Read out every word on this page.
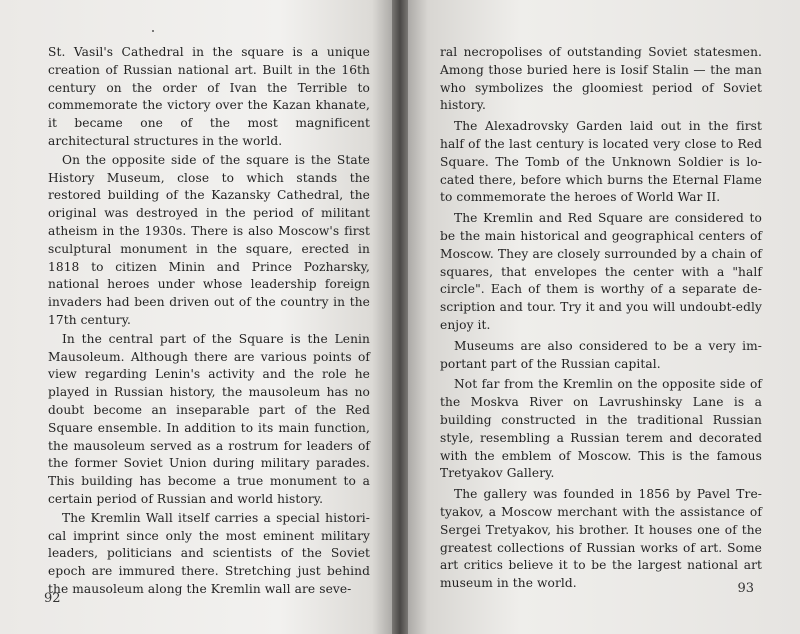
St. Vasil's Cathedral in the square is a unique creation of Russian national art. Built in the 16th century on the order of Ivan the Terrible to commemorate the victory over the Kazan khanate, it became one of the most magnificent architectural structures in the world.

On the opposite side of the square is the State History Museum, close to which stands the restored building of the Kazansky Cathedral, the original was destroyed in the period of militant atheism in the 1930s. There is also Moscow's first sculptural monument in the square, erected in 1818 to citizen Minin and Prince Pozharsky, national heroes under whose leadership foreign invaders had been driven out of the country in the 17th century.

In the central part of the Square is the Lenin Mausoleum. Although there are various points of view regarding Lenin's activity and the role he played in Russian history, the mausoleum has no doubt become an inseparable part of the Red Square ensemble. In addition to its main function, the mausoleum served as a rostrum for leaders of the former Soviet Union during military parades. This building has become a true monument to a certain period of Russian and world history.

The Kremlin Wall itself carries a special histori-cal imprint since only the most eminent military leaders, politicians and scientists of the Soviet epoch are immured there. Stretching just behind the mausoleum along the Kremlin wall are seve-

92

ral necropolises of outstanding Soviet statesmen. Among those buried here is Iosif Stalin — the man who symbolizes the gloomiest period of Soviet history.

The Alexadrovsky Garden laid out in the first half of the last century is located very close to Red Square. The Tomb of the Unknown Soldier is lo-cated there, before which burns the Eternal Flame to commemorate the heroes of World War II.

The Kremlin and Red Square are considered to be the main historical and geographical centers of Moscow. They are closely surrounded by a chain of squares, that envelopes the center with a "half circle". Each of them is worthy of a separate de-scription and tour. Try it and you will undoubt-edly enjoy it.

Museums are also considered to be a very im-portant part of the Russian capital.

Not far from the Kremlin on the opposite side of the Moskva River on Lavrushinsky Lane is a building constructed in the traditional Russian style, resembling a Russian terem and decorated with the emblem of Moscow. This is the famous Tretyakov Gallery.

The gallery was founded in 1856 by Pavel Tre-tyakov, a Moscow merchant with the assistance of Sergei Tretyakov, his brother. It houses one of the greatest collections of Russian works of art. Some art critics believe it to be the largest national art museum in the world.	93
